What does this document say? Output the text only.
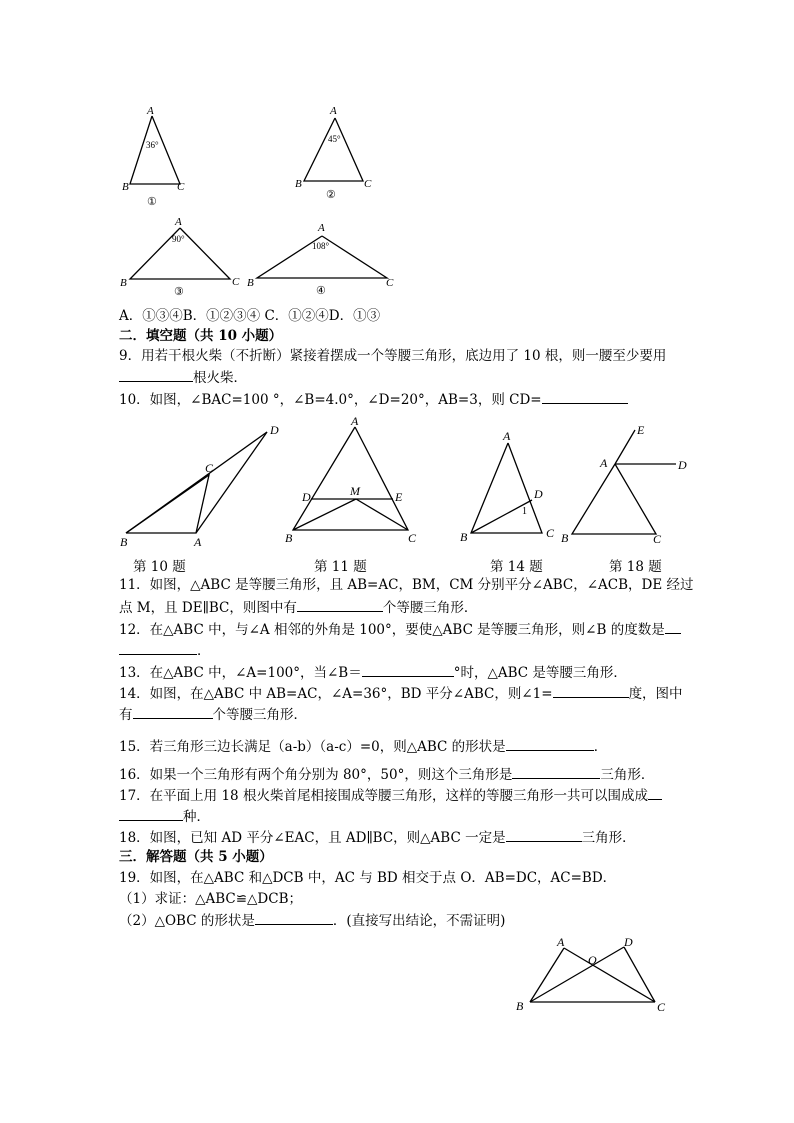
A
B	C
36°
①
A
B	C
45°
②
A
B	C
90°
③
A
B	C
108°
④
A．①③④B．①②③④ C．①②④D．①③
二．填空题（共 10 小题）
9．用若干根火柴（不折断）紧接着摆成一个等腰三角形，底边用了 10 根，则一腰至少要用
根火柴．
10．如图，∠BAC=100 °，∠B=4.0°，∠D=20°，AB=3，则 CD=
D
C
B	A
A
D	E
M
B	C
A
D
1
B	C
E
A	D
B	C
第 10 题	第 11 题	第 14 题	第 18 题
11．如图，△ABC 是等腰三角形，且 AB=AC，BM，CM 分别平分∠ABC，∠ACB，DE 经过
点 M，且 DE∥BC，则图中有	个等腰三角形．
12．在△ABC 中，与∠A 相邻的外角是 100°，要使△ABC 是等腰三角形，则∠B 的度数是
．
13．在△ABC 中，∠A=100°，当∠B＝	°时，△ABC 是等腰三角形．
14．如图，在△ABC 中 AB=AC，∠A=36°，BD 平分∠ABC，则∠1=	度，图中
有	个等腰三角形．
15．若三角形三边长满足（a-b）（a-c）=0，则△ABC 的形状是	．
16．如果一个三角形有两个角分别为 80°，50°，则这个三角形是	三角形．
17．在平面上用 18 根火柴首尾相接围成等腰三角形，这样的等腰三角形一共可以围成成
种．
18．如图，已知 AD 平分∠EAC，且 AD∥BC，则△ABC 一定是	三角形．
三．解答题（共 5 小题）
19．如图，在△ABC 和△DCB 中，AC 与 BD 相交于点 O．AB=DC，AC=BD．
（1）求证：△ABC≌△DCB；
（2）△OBC 的形状是	．(直接写出结论，不需证明)
A	D
O
B	C
